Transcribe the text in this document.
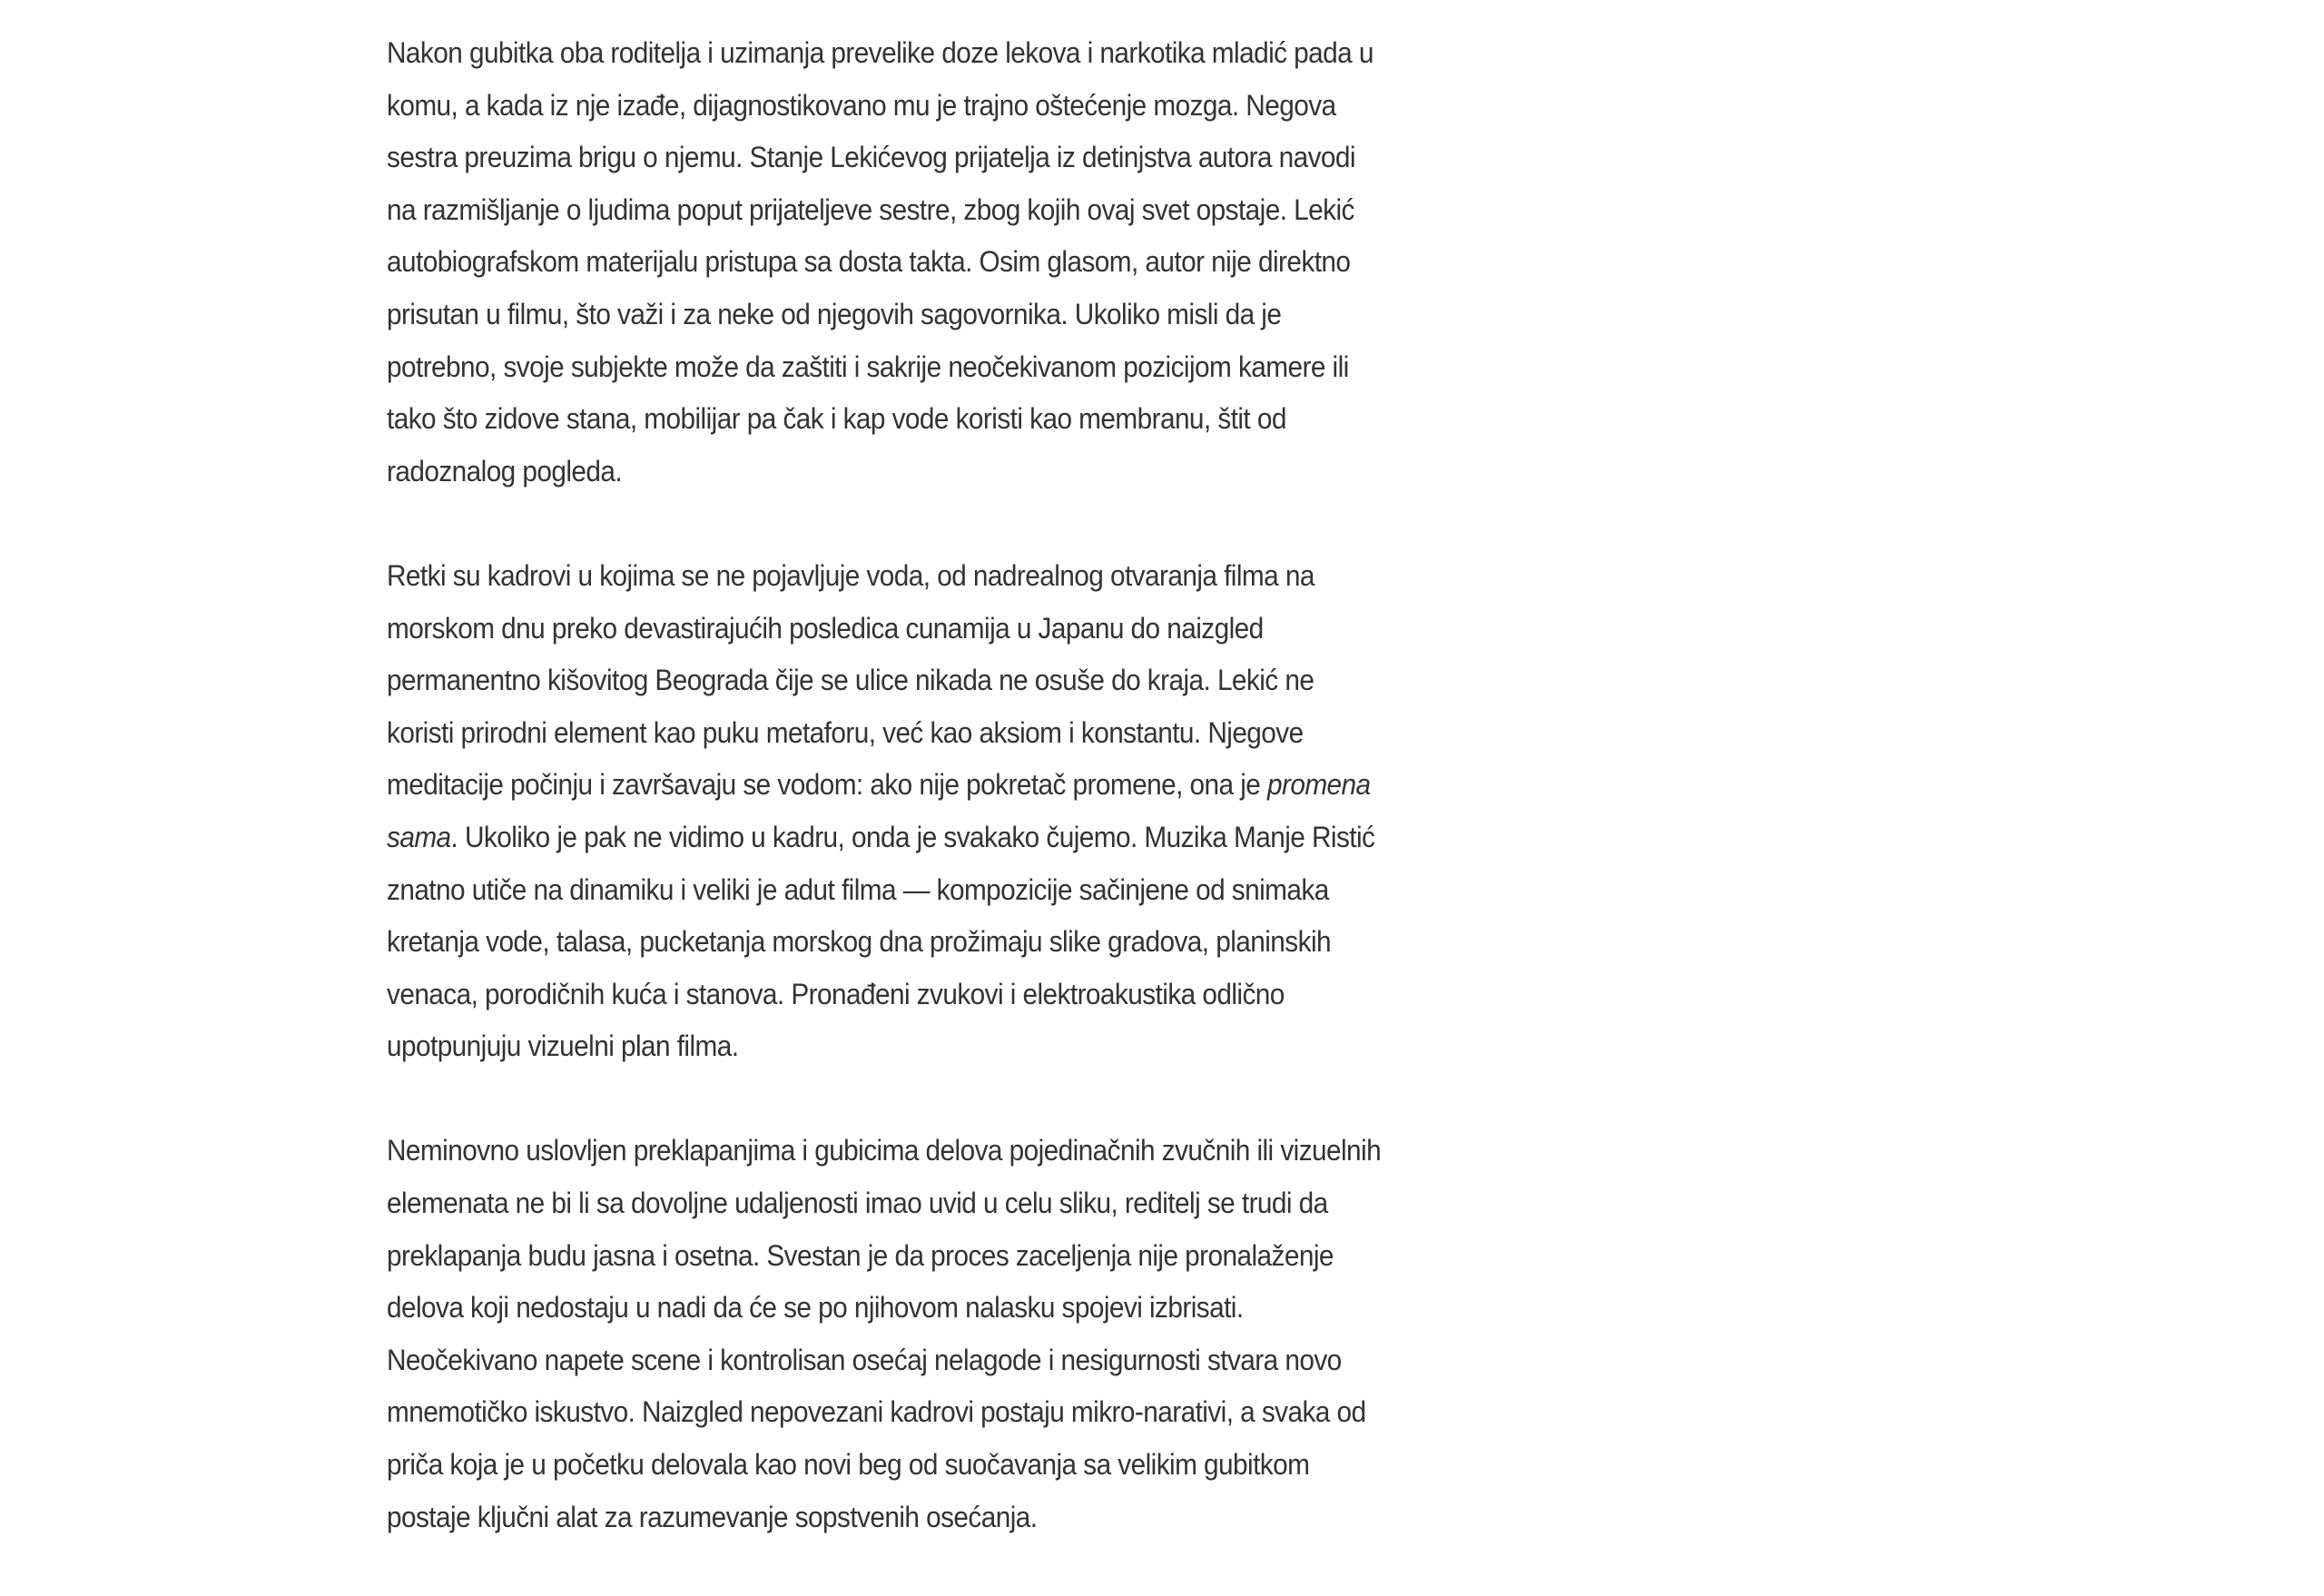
Nakon gubitka oba roditelja i uzimanja prevelike doze lekova i narkotika mladić pada u komu, a kada iz nje izađe, dijagnostikovano mu je trajno oštećenje mozga. Negova sestra preuzima brigu o njemu. Stanje Lekićevog prijatelja iz detinjstva autora navodi na razmišljanje o ljudima poput prijateljeve sestre, zbog kojih ovaj svet opstaje. Lekić autobiografskom materijalu pristupa sa dosta takta. Osim glasom, autor nije direktno prisutan u filmu, što važi i za neke od njegovih sagovornika. Ukoliko misli da je potrebno, svoje subjekte može da zaštiti i sakrije neočekivanom pozicijom kamere ili tako što zidove stana, mobilijar pa čak i kap vode koristi kao membranu, štit od radoznalog pogleda.

Retki su kadrovi u kojima se ne pojavljuje voda, od nadrealnog otvaranja filma na morskom dnu preko devastirajućih posledica cunamija u Japanu do naizgled permanentno kišovitog Beograda čije se ulice nikada ne osuše do kraja. Lekić ne koristi prirodni element kao puku metaforu, već kao aksiom i konstantu. Njegove meditacije počinju i završavaju se vodom: ako nije pokretač promene, ona je promena sama. Ukoliko je pak ne vidimo u kadru, onda je svakako čujemo. Muzika Manje Ristić znatno utiče na dinamiku i veliki je adut filma — kompozicije sačinjene od snimaka kretanja vode, talasa, pucketanja morskog dna prožimaju slike gradova, planinskih venaca, porodičnih kuća i stanova. Pronađeni zvukovi i elektroakustika odlično upotpunjuju vizuelni plan filma.

Neminovno uslovljen preklapanjima i gubicima delova pojedinačnih zvučnih ili vizuelnih elemenata ne bi li sa dovoljne udaljenosti imao uvid u celu sliku, reditelj se trudi da preklapanja budu jasna i osetna. Svestan je da proces zaceljenja nije pronalaženje delova koji nedostaju u nadi da će se po njihovom nalasku spojevi izbrisati. Neočekivano napete scene i kontrolisan osećaj nelagode i nesigurnosti stvara novo mnemotičko iskustvo. Naizgled nepovezani kadrovi postaju mikro-narativi, a svaka od priča koja je u početku delovala kao novi beg od suočavanja sa velikim gubitkom postaje ključni alat za razumevanje sopstvenih osećanja.
